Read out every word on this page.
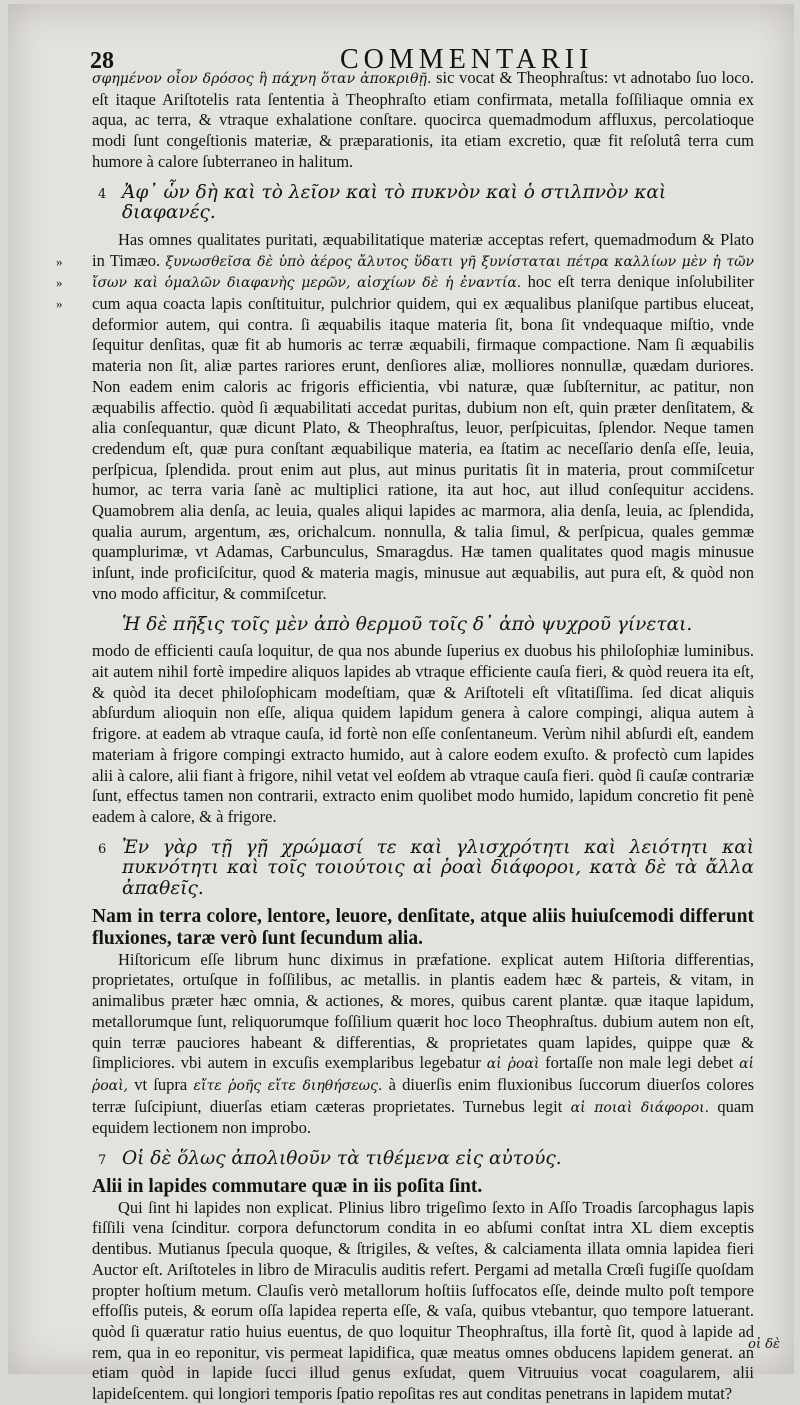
28	COMMENTARII

σφημένον οἷον δρόσος ἢ πάχνη ὅταν ἀποκριθῇ. sic vocat & Theophraſtus: vt adnotabo ſuo loco. eſt itaque Ariſtotelis rata ſententia à Theophraſto etiam confirmata, metalla foſſiliaque omnia ex aqua, ac terra, & vtraque exhalatione conſtare. quocirca quemadmodum affluxus, percolatioque modi ſunt congeſtionis materiæ, & præparationis, ita etiam excretio, quæ fit reſolutâ terra cum humore à calore ſubterraneo in halitum.

4 Ἀφ᾽ ὧν δὴ καὶ τὸ λεῖον καὶ τὸ πυκνὸν καὶ ὁ στιλπνὸν καὶ διαφανές.

»
»
»
Has omnes qualitates puritati, æquabilitatique materiæ acceptas refert, quemadmodum & Plato in Timæo. ξυνωσθεῖσα δὲ ὑπὸ ἀέρος ἄλυτος ὕδατι γῆ ξυνίσταται πέτρα καλλίων μὲν ἡ τῶν ἴσων καὶ ὁμαλῶν διαφανὴς μερῶν, αἰσχίων δὲ ἡ ἐναντία. hoc eſt terra denique inſolubiliter cum aqua coacta lapis conſtituitur, pulchrior quidem, qui ex æqualibus planiſque partibus eluceat, deformior autem, qui contra. ſi æquabilis itaque materia ſit, bona ſit vndequaque miſtio, vnde ſequitur denſitas, quæ fit ab humoris ac terræ æquabili, firmaque compactione. Nam ſi æquabilis materia non ſit, aliæ partes rariores erunt, denſiores aliæ, molliores nonnullæ, quædam duriores. Non eadem enim caloris ac frigoris efficientia, vbi naturæ, quæ ſubſternitur, ac patitur, non æquabilis affectio. quòd ſi æquabilitati accedat puritas, dubium non eſt, quin præter denſitatem, & alia conſequantur, quæ dicunt Plato, & Theophraſtus, leuor, perſpicuitas, ſplendor. Neque tamen credendum eſt, quæ pura conſtant æquabilique materia, ea ſtatim ac neceſſario denſa eſſe, leuia, perſpicua, ſplendida. prout enim aut plus, aut minus puritatis ſit in materia, prout commiſcetur humor, ac terra varia ſanè ac multiplici ratione, ita aut hoc, aut illud conſequitur accidens. Quamobrem alia denſa, ac leuia, quales aliqui lapides ac marmora, alia denſa, leuia, ac ſplendida, qualia aurum, argentum, æs, orichalcum. nonnulla, & talia ſimul, & perſpicua, quales gemmæ quamplurimæ, vt Adamas, Carbunculus, Smaragdus. Hæ tamen qualitates quod magis minusue inſunt, inde proficiſcitur, quod & materia magis, minusue aut æquabilis, aut pura eſt, & quòd non vno modo afficitur, & commiſcetur.

Ἡ δὲ πῆξις τοῖς μὲν ἀπὸ θερμοῦ τοῖς δ᾽ ἀπὸ ψυχροῦ γίνεται.

modo de efficienti cauſa loquitur, de qua nos abunde ſuperius ex duobus his philoſophiæ luminibus. ait autem nihil fortè impedire aliquos lapides ab vtraque efficiente cauſa fieri, & quòd reuera ita eſt, & quòd ita decet philoſophicam modeſtiam, quæ & Ariſtoteli eſt vſitatiſſima. ſed dicat aliquis abſurdum alioquin non eſſe, aliqua quidem lapidum genera à calore compingi, aliqua autem à frigore. at eadem ab vtraque cauſa, id fortè non eſſe conſentaneum. Verùm nihil abſurdi eſt, eandem materiam à frigore compingi extracto humido, aut à calore eodem exuſto. & profectò cum lapides alii à calore, alii fiant à frigore, nihil vetat vel eoſdem ab vtraque cauſa fieri. quòd ſi cauſæ contrariæ ſunt, effectus tamen non contrarii, extracto enim quolibet modo humido, lapidum concretio fit penè eadem à calore, & à frigore.

6 Ἐν γὰρ τῇ γῇ χρώμασί τε καὶ γλισχρότητι καὶ λειότητι καὶ πυκνότητι καὶ τοῖς τοιούτοις αἱ ῥοαὶ διάφοροι, κατὰ δὲ τὰ ἄλλα ἀπαθεῖς.

Nam in terra colore, lentore, leuore, denſitate, atque aliis huiuſcemodi differunt fluxiones, taræ verò ſunt ſecundum alia.

Hiſtoricum eſſe librum hunc diximus in præfatione. explicat autem Hiſtoria differentias, proprietates, ortuſque in foſſilibus, ac metallis. in plantis eadem hæc & parteis, & vitam, in animalibus præter hæc omnia, & actiones, & mores, quibus carent plantæ. quæ itaque lapidum, metallorumque ſunt, reliquorumque foſſilium quærit hoc loco Theophraſtus. dubium autem non eſt, quin terræ pauciores habeant & differentias, & proprietates quam lapides, quippe quæ & ſimpliciores. vbi autem in excuſis exemplaribus legebatur αἱ ῥοαὶ fortaſſe non male legi debet αἱ ῥοαὶ, vt ſupra εἴτε ῥοῆς εἴτε διηθήσεως. à diuerſis enim fluxionibus ſuccorum diuerſos colores terræ ſuſcipiunt, diuerſas etiam cæteras proprietates. Turnebus legit αἱ ποιαὶ διάφοροι. quam equidem lectionem non improbo.

7 Οἱ δὲ ὅλως ἀπολιθοῦν τὰ τιθέμενα εἰς αὐτούς.

Alii in lapides commutare quæ in iis poſita ſint.

Qui ſint hi lapides non explicat. Plinius libro trigeſimo ſexto in Aſſo Troadis ſarcophagus lapis fiſſili vena ſcinditur. corpora defunctorum condita in eo abſumi conſtat intra XL diem exceptis dentibus. Mutianus ſpecula quoque, & ſtrigiles, & veſtes, & calciamenta illata omnia lapidea fieri Auctor eſt. Ariſtoteles in libro de Miraculis auditis refert. Pergami ad metalla Crœſi fugiſſe quoſdam propter hoſtium metum. Clauſis verò metallorum hoſtiis ſuffocatos eſſe, deinde multo poſt tempore effoſſis puteis, & eorum oſſa lapidea reperta eſſe, & vaſa, quibus vtebantur, quo tempore latuerant. quòd ſi quæratur ratio huius euentus, de quo loquitur Theophraſtus, illa fortè ſit, quod à lapide ad rem, qua in eo reponitur, vis permeat lapidifica, quæ meatus omnes obducens lapidem generat. an etiam quòd in lapide ſucci illud genus exſudat, quem Vitruuius vocat coagularem, alii lapideſcentem. qui longiori temporis ſpatio repoſitas res aut conditas penetrans in lapidem mutat?

οἱ δὲ
